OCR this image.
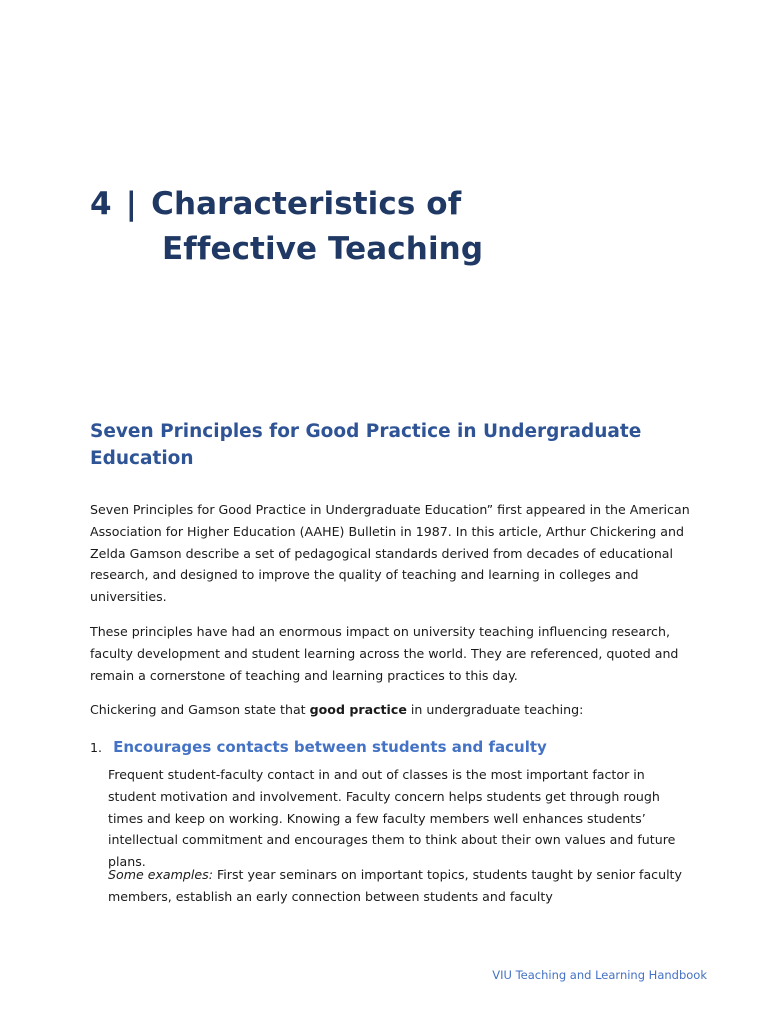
4 | Characteristics of
Effective Teaching
Seven Principles for Good Practice in Undergraduate Education

Seven Principles for Good Practice in Undergraduate Education” first appeared in the American Association for Higher Education (AAHE) Bulletin in 1987. In this article, Arthur Chickering and Zelda Gamson describe a set of pedagogical standards derived from decades of educational research, and designed to improve the quality of teaching and learning in colleges and universities.

These principles have had an enormous impact on university teaching influencing research, faculty development and student learning across the world. They are referenced, quoted and remain a cornerstone of teaching and learning practices to this day.

Chickering and Gamson state that good practice in undergraduate teaching:

1. Encourages contacts between students and faculty

Frequent student-faculty contact in and out of classes is the most important factor in student motivation and involvement. Faculty concern helps students get through rough times and keep on working. Knowing a few faculty members well enhances students’ intellectual commitment and encourages them to think about their own values and future plans.

Some examples: First year seminars on important topics, students taught by senior faculty members, establish an early connection between students and faculty

VIU Teaching and Learning Handbook
